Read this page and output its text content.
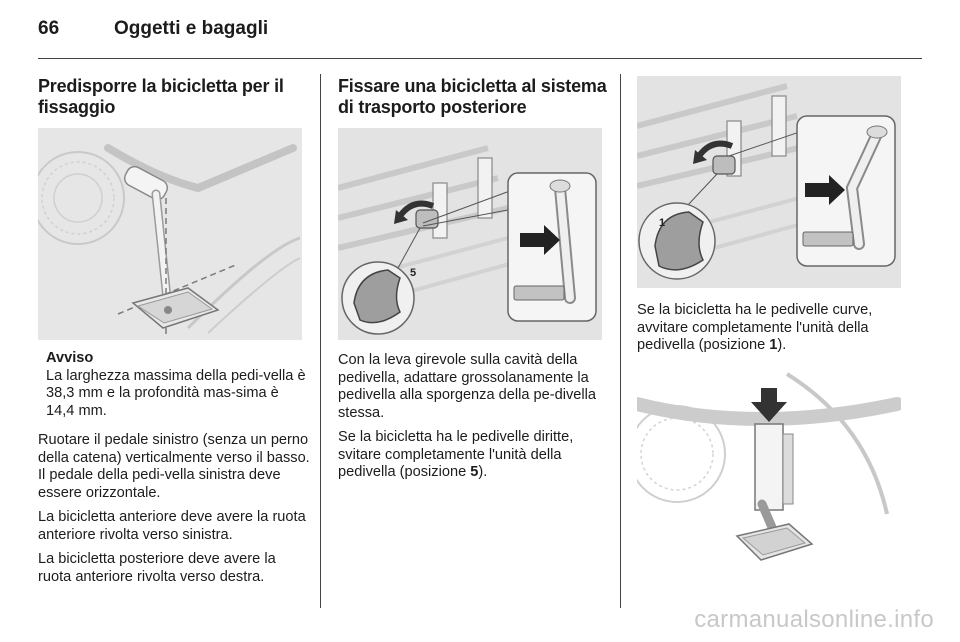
66	Oggetti e bagagli
Predisporre la bicicletta per il fissaggio
Avviso
La larghezza massima della pedi-vella è 38,3 mm e la profondità mas-sima è 14,4 mm.

Ruotare il pedale sinistro (senza un perno della catena) verticalmente verso il basso. Il pedale della pedi-vella sinistra deve essere orizzontale.

La bicicletta anteriore deve avere la ruota anteriore rivolta verso sinistra.

La bicicletta posteriore deve avere la ruota anteriore rivolta verso destra.

Fissare una bicicletta al sistema di trasporto posteriore
5

Con la leva girevole sulla cavità della pedivella, adattare grossolanamente la pedivella alla sporgenza della pe-divella stessa.

Se la bicicletta ha le pedivelle diritte, svitare completamente l'unità della pedivella (posizione 5).

1

Se la bicicletta ha le pedivelle curve, avvitare completamente l'unità della pedivella (posizione 1).

carmanualsonline.info
